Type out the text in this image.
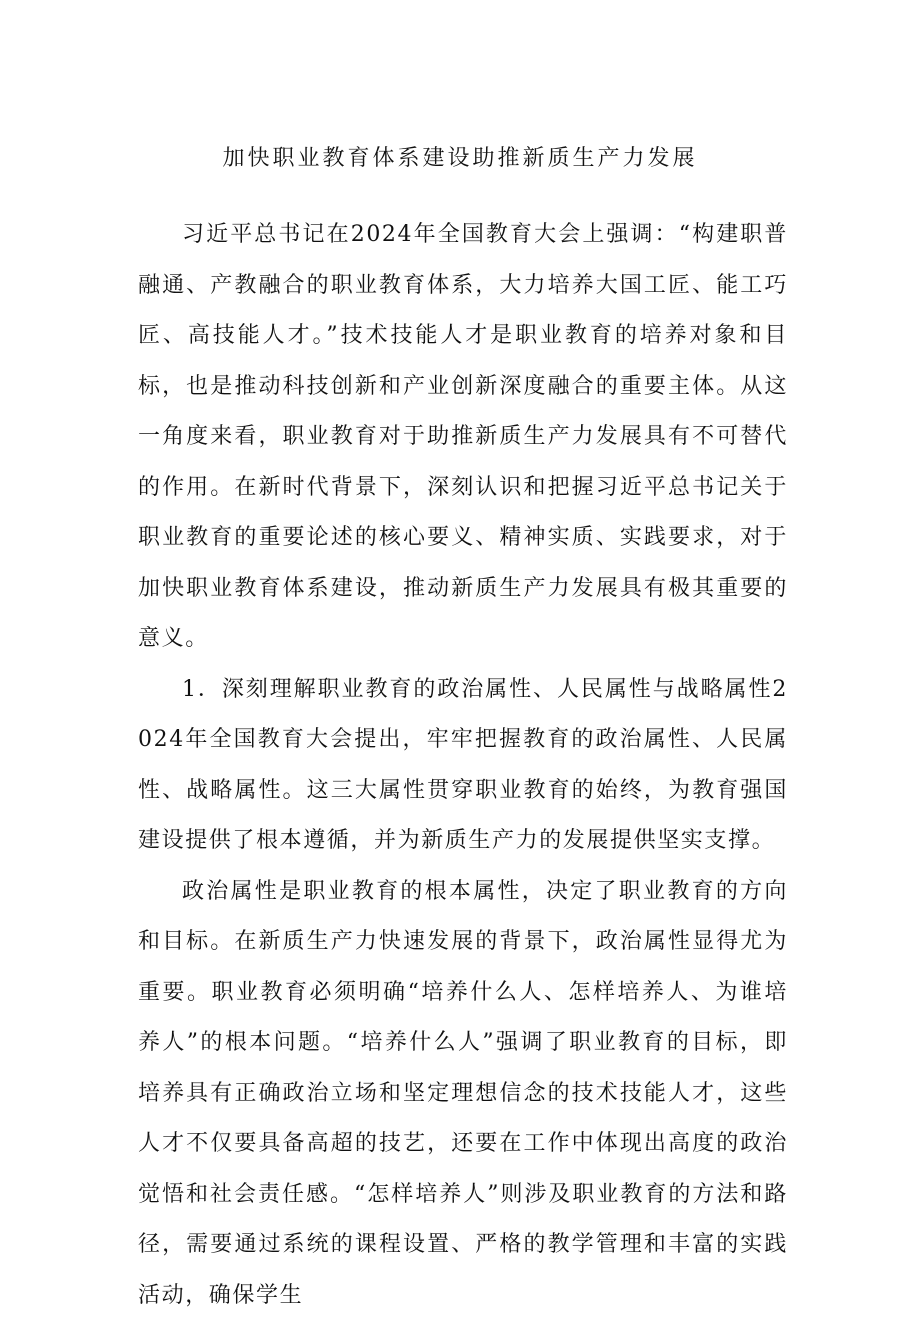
加快职业教育体系建设助推新质生产力发展

习近平总书记在2024年全国教育大会上强调：“构建职普融通、产教融合的职业教育体系，大力培养大国工匠、能工巧匠、高技能人才。”技术技能人才是职业教育的培养对象和目标，也是推动科技创新和产业创新深度融合的重要主体。从这一角度来看，职业教育对于助推新质生产力发展具有不可替代的作用。在新时代背景下，深刻认识和把握习近平总书记关于职业教育的重要论述的核心要义、精神实质、实践要求，对于加快职业教育体系建设，推动新质生产力发展具有极其重要的意义。

1．深刻理解职业教育的政治属性、人民属性与战略属性2024年全国教育大会提出，牢牢把握教育的政治属性、人民属性、战略属性。这三大属性贯穿职业教育的始终，为教育强国建设提供了根本遵循，并为新质生产力的发展提供坚实支撑。

政治属性是职业教育的根本属性，决定了职业教育的方向和目标。在新质生产力快速发展的背景下，政治属性显得尤为重要。职业教育必须明确“培养什么人、怎样培养人、为谁培养人”的根本问题。“培养什么人”强调了职业教育的目标，即培养具有正确政治立场和坚定理想信念的技术技能人才，这些人才不仅要具备高超的技艺，还要在工作中体现出高度的政治觉悟和社会责任感。“怎样培养人”则涉及职业教育的方法和路径，需要通过系统的课程设置、严格的教学管理和丰富的实践活动，确保学生
